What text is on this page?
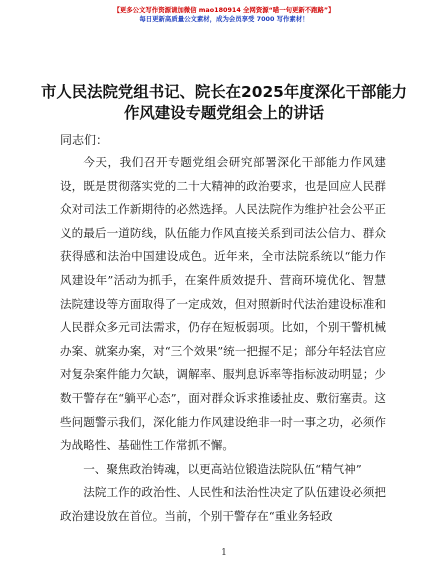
【更多公文写作资源请加微信 mao180914 全网资源“喵一句更新不跑路”】
每日更新高质量公文素材，成为会员享受 7000 写作素材！
市人民法院党组书记、院长在2025年度深化干部能力作风建设专题党组会上的讲话
同志们：

今天，我们召开专题党组会研究部署深化干部能力作风建设，既是贯彻落实党的二十大精神的政治要求，也是回应人民群众对司法工作新期待的必然选择。人民法院作为维护社会公平正义的最后一道防线，队伍能力作风直接关系到司法公信力、群众获得感和法治中国建设成色。近年来，全市法院系统以“能力作风建设年”活动为抓手，在案件质效提升、营商环境优化、智慧法院建设等方面取得了一定成效，但对照新时代法治建设标准和人民群众多元司法需求，仍存在短板弱项。比如，个别干警机械办案、就案办案，对“三个效果”统一把握不足；部分年轻法官应对复杂案件能力欠缺，调解率、服判息诉率等指标波动明显；少数干警存在“躺平心态”，面对群众诉求推诿扯皮、敷衍塞责。这些问题警示我们，深化能力作风建设绝非一时一事之功，必须作为战略性、基础性工作常抓不懈。

一、聚焦政治铸魂，以更高站位锻造法院队伍“精气神”

法院工作的政治性、人民性和法治性决定了队伍建设必须把政治建设放在首位。当前，个别干警存在“重业务轻政

1
